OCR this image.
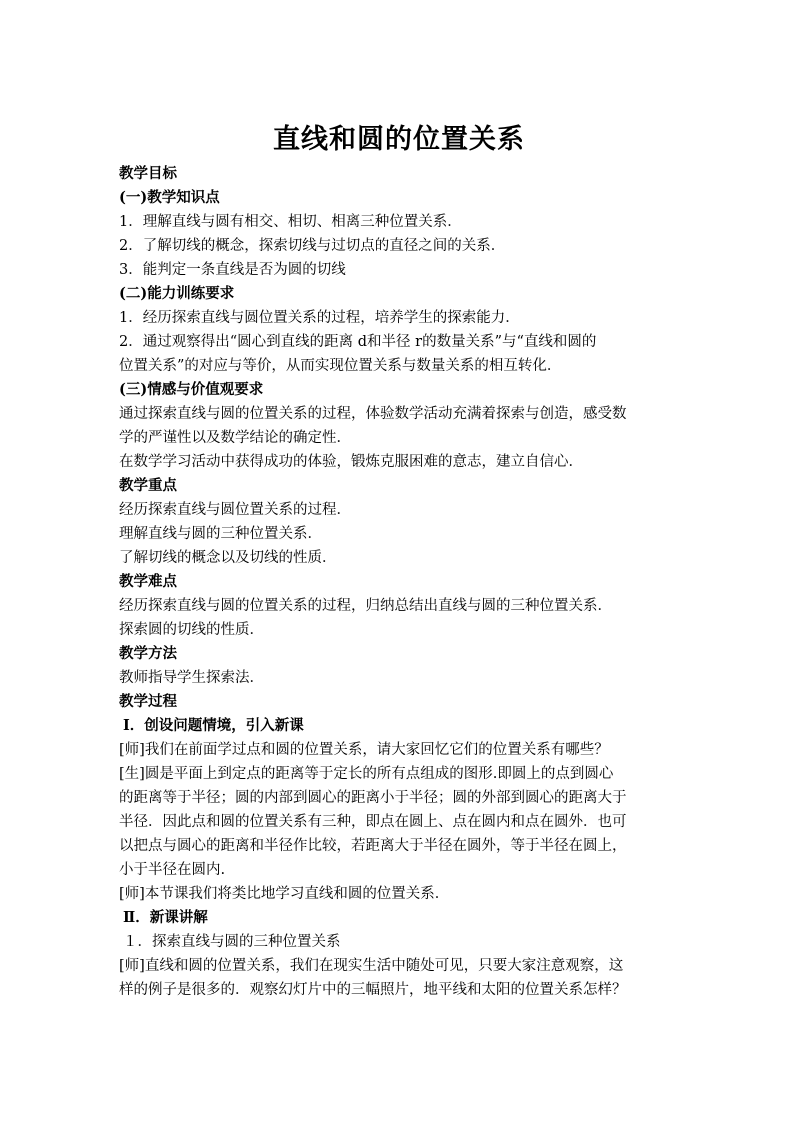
直线和圆的位置关系
教学目标
(一)教学知识点
1．理解直线与圆有相交、相切、相离三种位置关系．
2．了解切线的概念，探索切线与过切点的直径之间的关系．
3．能判定一条直线是否为圆的切线
(二)能力训练要求
1．经历探索直线与圆位置关系的过程，培养学生的探索能力．
2．通过观察得出“圆心到直线的距离 d和半径 r的数量关系”与“直线和圆的
位置关系”的对应与等价，从而实现位置关系与数量关系的相互转化．
(三)情感与价值观要求
通过探索直线与圆的位置关系的过程，体验数学活动充满着探索与创造，感受数
学的严谨性以及数学结论的确定性．
在数学学习活动中获得成功的体验，锻炼克服困难的意志，建立自信心．
教学重点
经历探索直线与圆位置关系的过程．
理解直线与圆的三种位置关系．
了解切线的概念以及切线的性质．
教学难点
经历探索直线与圆的位置关系的过程，归纳总结出直线与圆的三种位置关系．
探索圆的切线的性质．
教学方法
教师指导学生探索法．
教学过程
Ⅰ．创设问题情境，引入新课
[师]我们在前面学过点和圆的位置关系，请大家回忆它们的位置关系有哪些？
[生]圆是平面上到定点的距离等于定长的所有点组成的图形.即圆上的点到圆心
的距离等于半径；圆的内部到圆心的距离小于半径；圆的外部到圆心的距离大于
半径．因此点和圆的位置关系有三种，即点在圆上、点在圆内和点在圆外．也可
以把点与圆心的距离和半径作比较，若距离大于半径在圆外，等于半径在圆上，
小于半径在圆内.
[师]本节课我们将类比地学习直线和圆的位置关系．
Ⅱ．新课讲解
１．探索直线与圆的三种位置关系
[师]直线和圆的位置关系，我们在现实生活中随处可见，只要大家注意观察，这
样的例子是很多的．观察幻灯片中的三幅照片，地平线和太阳的位置关系怎样？
